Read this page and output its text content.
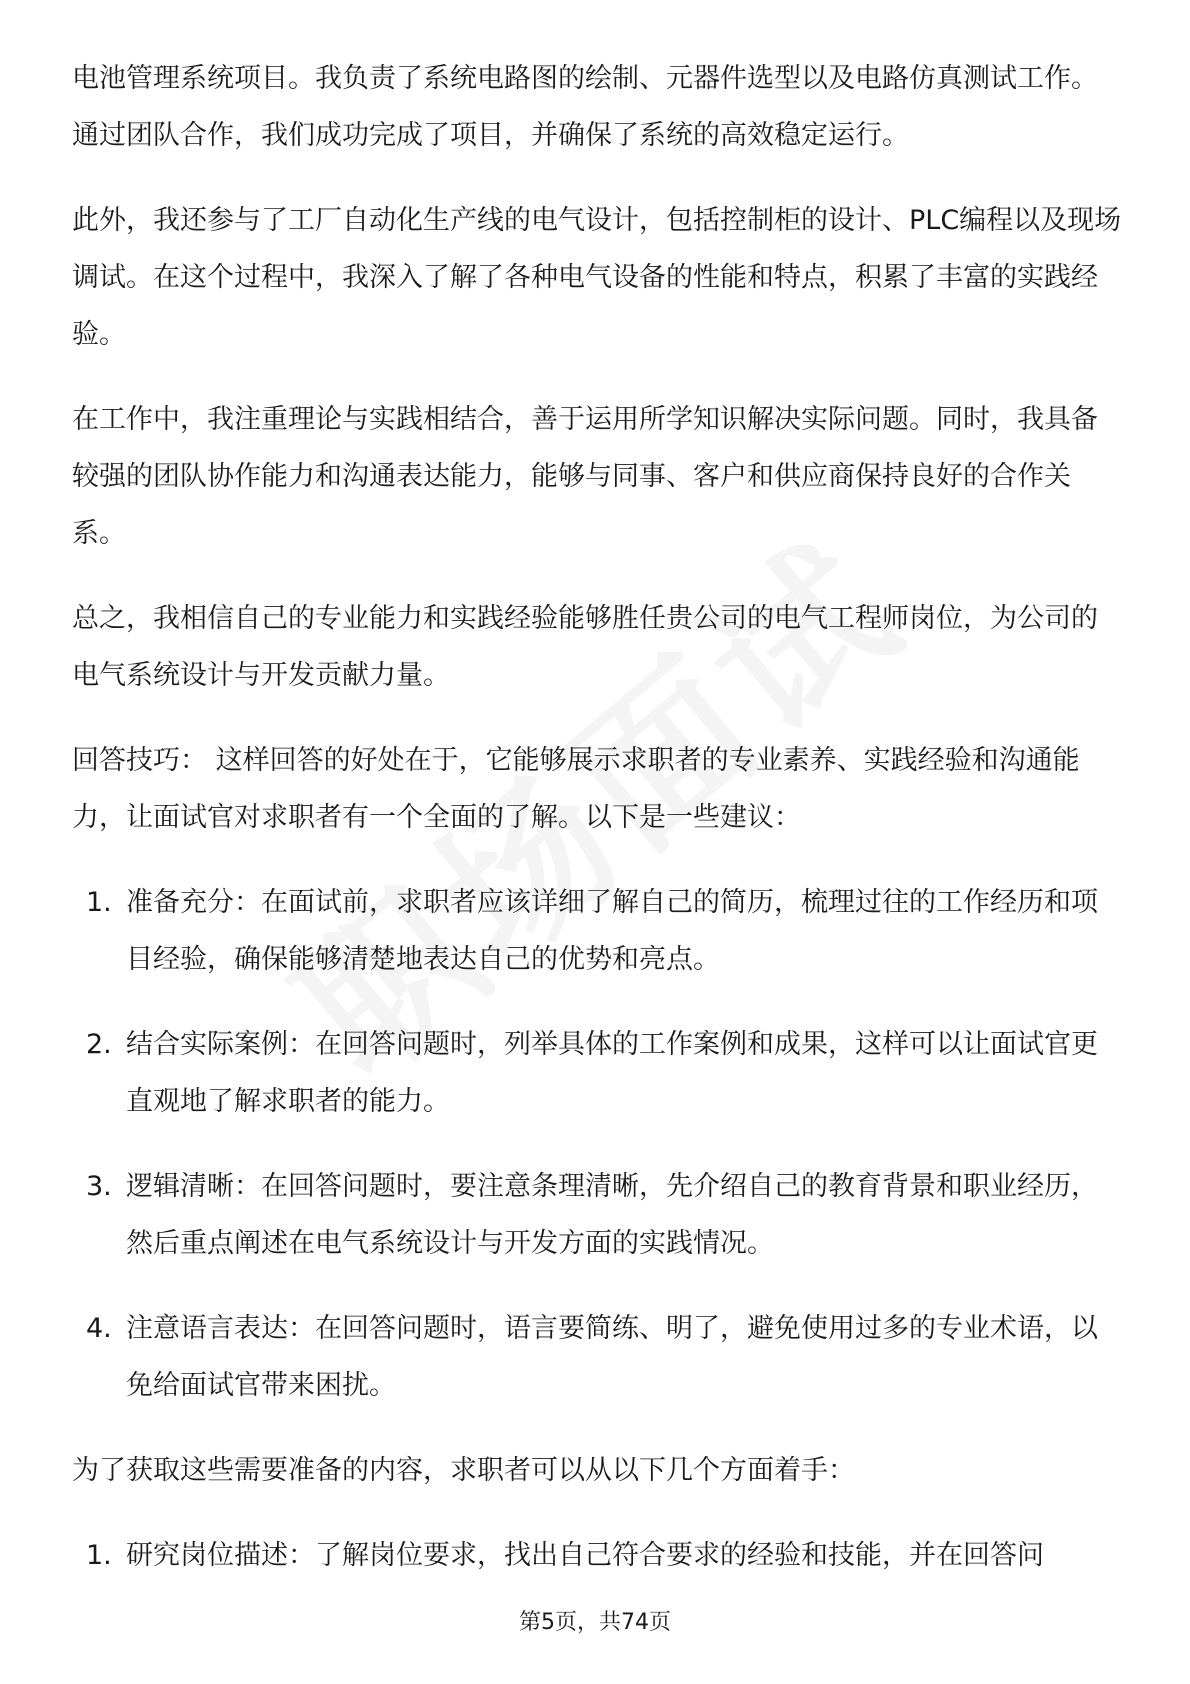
电池管理系统项目。我负责了系统电路图的绘制、元器件选型以及电路仿真测试工作。通过团队合作，我们成功完成了项目，并确保了系统的高效稳定运行。

此外，我还参与了工厂自动化生产线的电气设计，包括控制柜的设计、PLC编程以及现场调试。在这个过程中，我深入了解了各种电气设备的性能和特点，积累了丰富的实践经验。

在工作中，我注重理论与实践相结合，善于运用所学知识解决实际问题。同时，我具备较强的团队协作能力和沟通表达能力，能够与同事、客户和供应商保持良好的合作关系。

总之，我相信自己的专业能力和实践经验能够胜任贵公司的电气工程师岗位，为公司的电气系统设计与开发贡献力量。

回答技巧： 这样回答的好处在于，它能够展示求职者的专业素养、实践经验和沟通能力，让面试官对求职者有一个全面的了解。以下是一些建议：

1. 准备充分：在面试前，求职者应该详细了解自己的简历，梳理过往的工作经历和项目经验，确保能够清楚地表达自己的优势和亮点。
2. 结合实际案例：在回答问题时，列举具体的工作案例和成果，这样可以让面试官更直观地了解求职者的能力。
3. 逻辑清晰：在回答问题时，要注意条理清晰，先介绍自己的教育背景和职业经历，然后重点阐述在电气系统设计与开发方面的实践情况。
4. 注意语言表达：在回答问题时，语言要简练、明了，避免使用过多的专业术语，以免给面试官带来困扰。

为了获取这些需要准备的内容，求职者可以从以下几个方面着手：

1. 研究岗位描述：了解岗位要求，找出自己符合要求的经验和技能，并在回答问
第5页，共74页
